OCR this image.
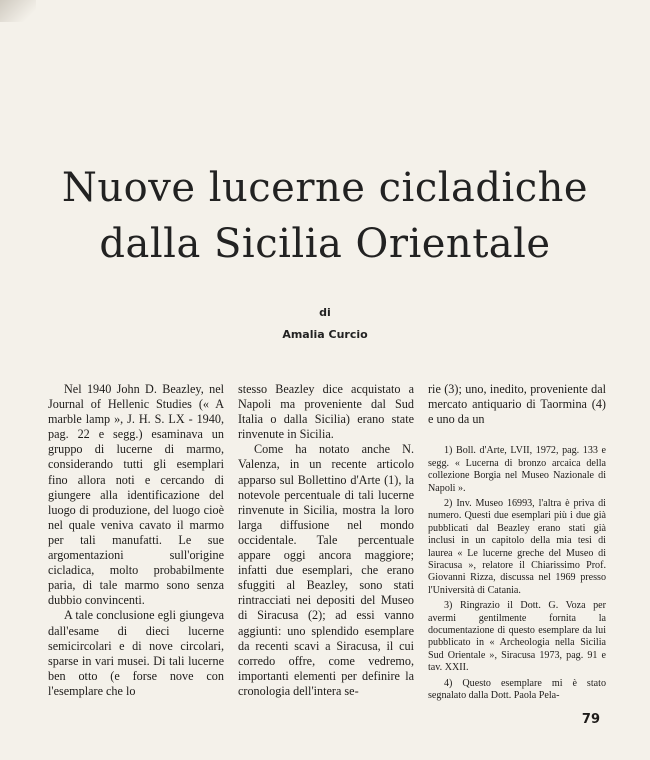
Nuove lucerne cicladiche
dalla Sicilia Orientale
di
Amalia Curcio

Nel 1940 John D. Beazley, nel Journal of Hellenic Studies (« A marble lamp », J. H. S. LX - 1940, pag. 22 e segg.) esaminava un gruppo di lucerne di marmo, considerando tutti gli esemplari fino allora noti e cercando di giungere alla identificazione del luogo di produzione, del luogo cioè nel quale veniva cavato il marmo per tali manufatti. Le sue argomentazioni sull'origine cicladica, molto probabilmente paria, di tale marmo sono senza dubbio convincenti.

A tale conclusione egli giungeva dall'esame di dieci lucerne semicircolari e di nove circolari, sparse in vari musei. Di tali lucerne ben otto (e forse nove con l'esemplare che lo

stesso Beazley dice acquistato a Napoli ma proveniente dal Sud Italia o dalla Sicilia) erano state rinvenute in Sicilia.

Come ha notato anche N. Valenza, in un recente articolo apparso sul Bollettino d'Arte (1), la notevole percentuale di tali lucerne rinvenute in Sicilia, mostra la loro larga diffusione nel mondo occidentale. Tale percentuale appare oggi ancora maggiore; infatti due esemplari, che erano sfuggiti al Beazley, sono stati rintracciati nei depositi del Museo di Siracusa (2); ad essi vanno aggiunti: uno splendido esemplare da recenti scavi a Siracusa, il cui corredo offre, come vedremo, importanti elementi per definire la cronologia dell'intera se-

rie (3); uno, inedito, proveniente dal mercato antiquario di Taormina (4) e uno da un

1) Boll. d'Arte, LVII, 1972, pag. 133 e segg. « Lucerna di bronzo arcaica della collezione Borgia nel Museo Nazionale di Napoli ».

2) Inv. Museo 16993, l'altra è priva di numero. Questi due esemplari più i due già pubblicati dal Beazley erano stati già inclusi in un capitolo della mia tesi di laurea « Le lucerne greche del Museo di Siracusa », relatore il Chiarissimo Prof. Giovanni Rizza, discussa nel 1969 presso l'Università di Catania.

3) Ringrazio il Dott. G. Voza per avermi gentilmente fornita la documentazione di questo esemplare da lui pubblicato in « Archeologia nella Sicilia Sud Orientale », Siracusa 1973, pag. 91 e tav. XXII.

4) Questo esemplare mi è stato segnalato dalla Dott. Paola Pela-

79
